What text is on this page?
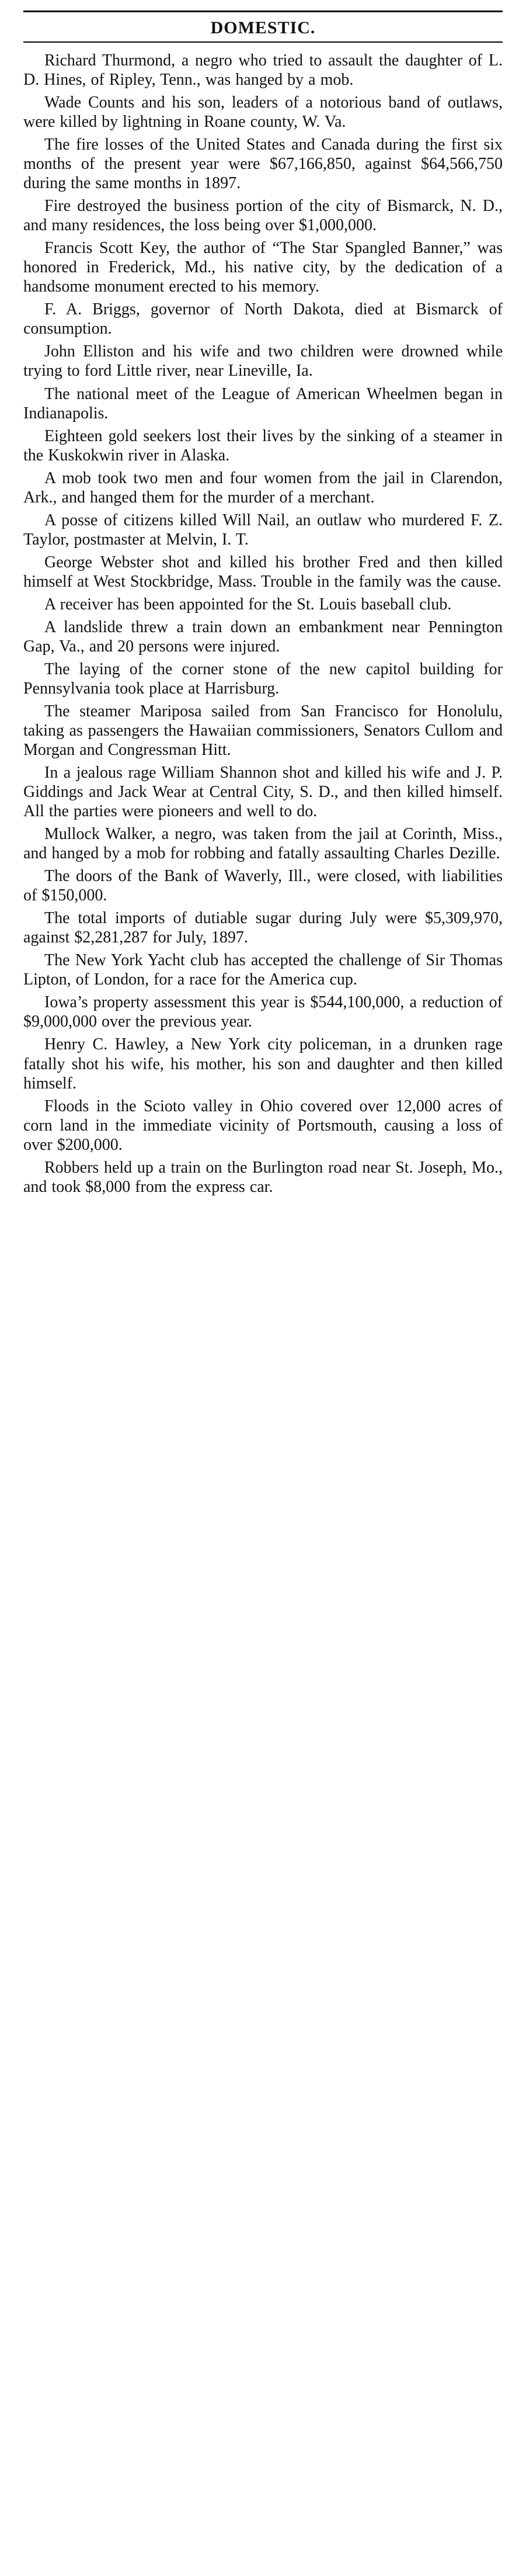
DOMESTIC.

Richard Thurmond, a negro who tried to assault the daughter of L. D. Hines, of Ripley, Tenn., was hanged by a mob.

Wade Counts and his son, leaders of a notorious band of outlaws, were killed by lightning in Roane county, W. Va.

The fire losses of the United States and Canada during the first six months of the present year were $67,166,850, against $64,566,750 during the same months in 1897.

Fire destroyed the business portion of the city of Bismarck, N. D., and many residences, the loss being over $1,000,000.

Francis Scott Key, the author of “The Star Spangled Banner,” was honored in Frederick, Md., his native city, by the dedication of a handsome monument erected to his memory.

F. A. Briggs, governor of North Dakota, died at Bismarck of consumption.

John Elliston and his wife and two children were drowned while trying to ford Little river, near Lineville, Ia.

The national meet of the League of American Wheelmen began in Indianapolis.

Eighteen gold seekers lost their lives by the sinking of a steamer in the Kuskokwin river in Alaska.

A mob took two men and four women from the jail in Clarendon, Ark., and hanged them for the murder of a merchant.

A posse of citizens killed Will Nail, an outlaw who murdered F. Z. Taylor, postmaster at Melvin, I. T.

George Webster shot and killed his brother Fred and then killed himself at West Stockbridge, Mass. Trouble in the family was the cause.

A receiver has been appointed for the St. Louis baseball club.

A landslide threw a train down an embankment near Pennington Gap, Va., and 20 persons were injured.

The laying of the corner stone of the new capitol building for Pennsylvania took place at Harrisburg.

The steamer Mariposa sailed from San Francisco for Honolulu, taking as passengers the Hawaiian commissioners, Senators Cullom and Morgan and Congressman Hitt.

In a jealous rage William Shannon shot and killed his wife and J. P. Giddings and Jack Wear at Central City, S. D., and then killed himself. All the parties were pioneers and well to do.

Mullock Walker, a negro, was taken from the jail at Corinth, Miss., and hanged by a mob for robbing and fatally assaulting Charles Dezille.

The doors of the Bank of Waverly, Ill., were closed, with liabilities of $150,000.

The total imports of dutiable sugar during July were $5,309,970, against $2,281,287 for July, 1897.

The New York Yacht club has accepted the challenge of Sir Thomas Lipton, of London, for a race for the America cup.

Iowa’s property assessment this year is $544,100,000, a reduction of $9,000,000 over the previous year.

Henry C. Hawley, a New York city policeman, in a drunken rage fatally shot his wife, his mother, his son and daughter and then killed himself.

Floods in the Scioto valley in Ohio covered over 12,000 acres of corn land in the immediate vicinity of Portsmouth, causing a loss of over $200,000.

Robbers held up a train on the Burlington road near St. Joseph, Mo., and took $8,000 from the express car.
